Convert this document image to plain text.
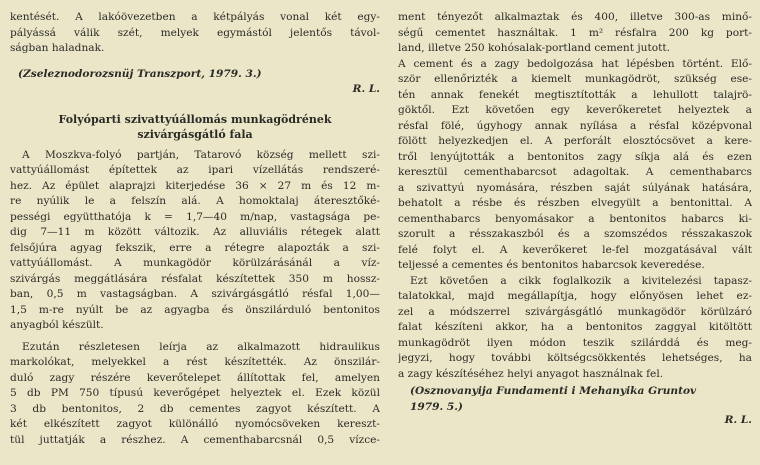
kentését. A lakóövezetben a kétpályás vonal két egy-
pályássá válik szét, melyek egymástól jelentős távol-
ságban haladnak.
(Zseleznodorozsnüj Transzport, 1979. 3.)
R. L.
Folyóparti szivattyúállomás munkagödrének
szivárgásgátló fala
A Moszkva-folyó partján, Tatarovó község mellett szi-
vattyúállomást építettek az ipari vízellátás rendszeré-
hez. Az épület alaprajzi kiterjedése 36 × 27 m és 12 m-
re nyúlik le a felszín alá. A homoktalaj áteresztőké-
pességi együtthatója k = 1,7—40 m/nap, vastagsága pe-
dig 7—11 m között változik. Az alluviális rétegek alatt
felsőjúra agyag fekszik, erre a rétegre alapozták a szi-
vattyúállomást. A munkagödör körülzárásánál a víz-
szivárgás meggátlására résfalat készítettek 350 m hossz-
ban, 0,5 m vastagságban. A szivárgásgátló résfal 1,00—
1,5 m-re nyúlt be az agyagba és önszilárduló bentonitos
anyagból készült.
Ezután részletesen leírja az alkalmazott hidraulikus
markolókat, melyekkel a rést készítették. Az önszilár-
duló zagy részére keverőtelepet állítottak fel, amelyen
5 db PM 750 típusú keverőgépet helyeztek el. Ezek közül
3 db bentonitos, 2 db cementes zagyot készített. A
két elkészített zagyot különálló nyomócsöveken kereszt-
tül juttatják a részhez. A cementhabarcsnál 0,5 vízce-
ment tényezőt alkalmaztak és 400, illetve 300-as minő-
ségű cementet használtak. 1 m² résfalra 200 kg port-
land, illetve 250 kohósalak-portland cement jutott.
A cement és a zagy bedolgozása hat lépésben történt. Elő-
ször ellenőrizték a kiemelt munkagödröt, szükség ese-
tén annak fenekét megtisztították a lehullott talajrö-
göktől. Ezt követően egy keverőkeretet helyeztek a
résfal fölé, úgyhogy annak nyílása a résfal középvonal
fölött helyezkedjen el. A perforált elosztócsövet a kere-
tről lenyújtották a bentonitos zagy síkja alá és ezen
keresztül cementhabarcsot adagoltak. A cementhabarcs
a szivattyú nyomására, részben saját súlyának hatására,
behatolt a résbe és részben elvegyült a bentonittal. A
cementhabarcs benyomásakor a bentonitos habarcs ki-
szorult a résszakaszból és a szomszédos résszakaszok
felé folyt el. A keverőkeret le-fel mozgatásával vált
teljessé a cementes és bentonitos habarcsok keveredése.
Ezt követően a cikk foglalkozik a kivitelezési tapasz-
talatokkal, majd megállapítja, hogy előnyösen lehet ez-
zel a módszerrel szivárgásgátló munkagödör körülzáró
falat készíteni akkor, ha a bentonitos zaggyal kitöltött
munkagödröt ilyen módon teszik szilárddá és meg-
jegyzi, hogy további költségcsökkentés lehetséges, ha
a zagy készítéséhez helyi anyagot használnak fel.
(Osznovanyija Fundamenti i Mehanyika Gruntov
1979. 5.)
R. L.
